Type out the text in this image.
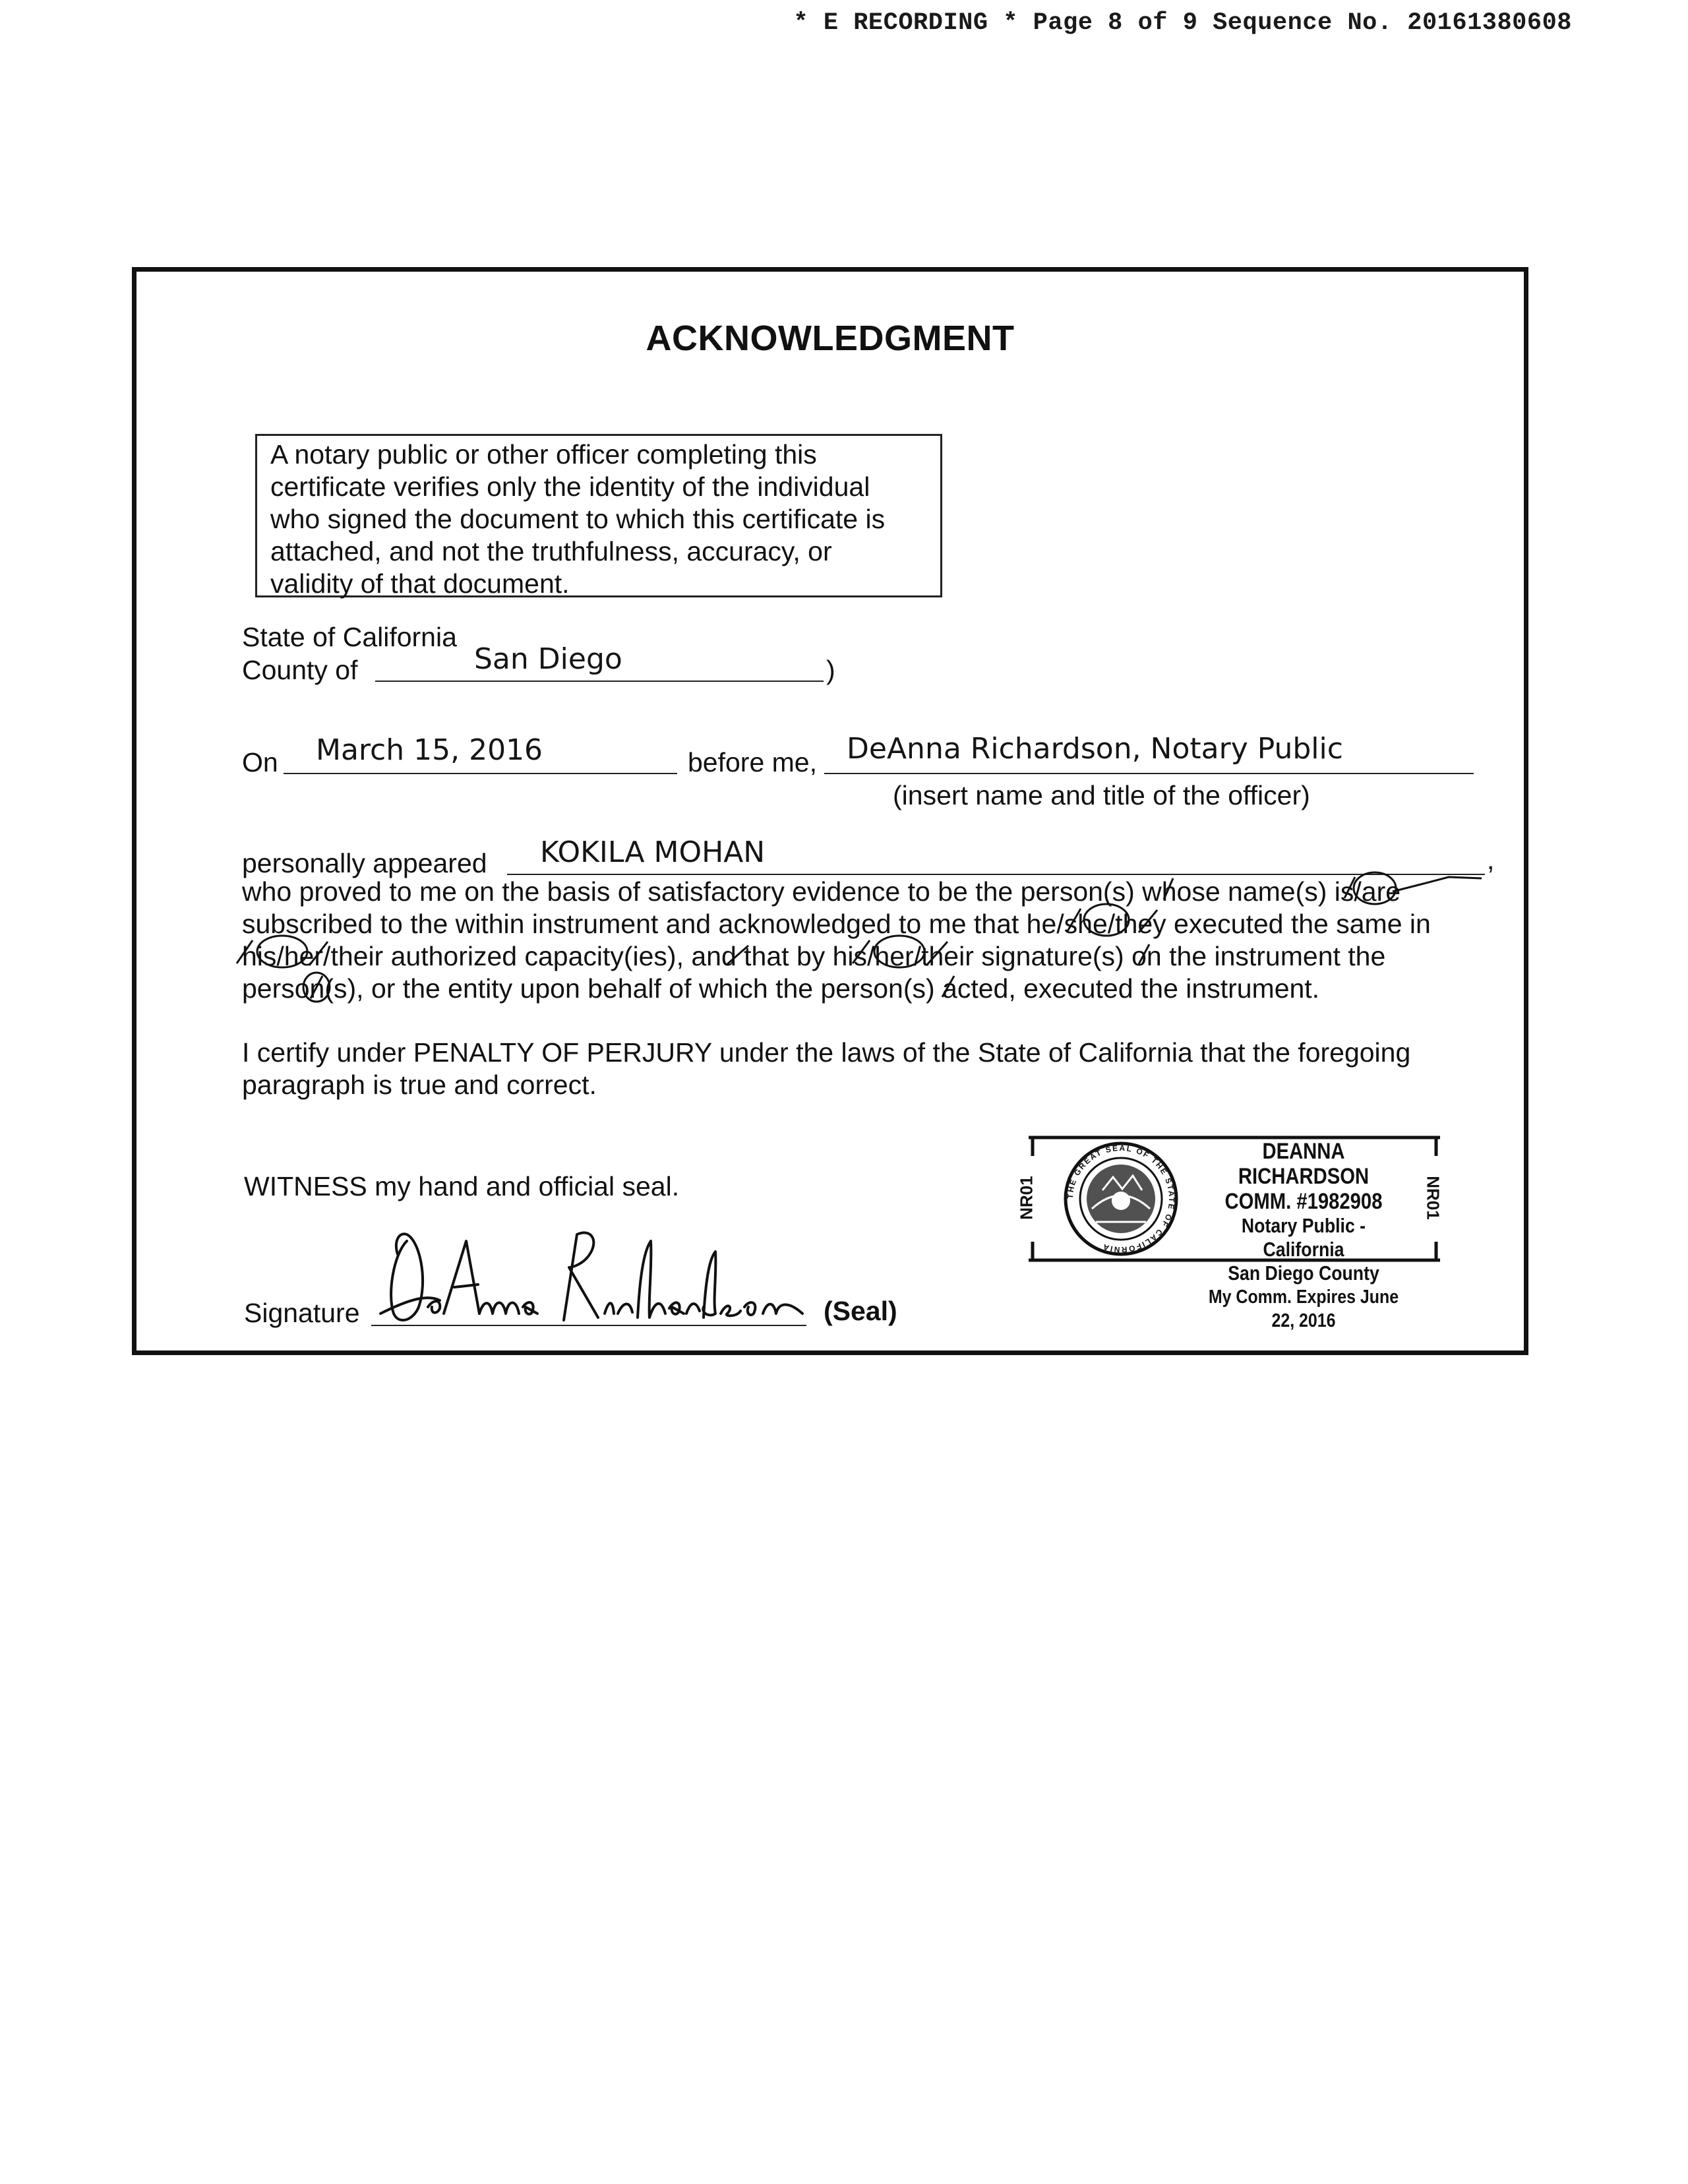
* E RECORDING * Page 8 of 9 Sequence No. 20161380608
ACKNOWLEDGMENT
A notary public or other officer completing this
certificate verifies only the identity of the individual
who signed the document to which this certificate is
attached, and not the truthfulness, accuracy, or
validity of that document.
State of California
County of	San Diego	)
On March 15, 2016	before me, DeAnna Richardson, Notary Public
(insert name and title of the officer)
personally appeared KOKILA MOHAN	,
who proved to me on the basis of satisfactory evidence to be the person(s) whose name(s) is/are
subscribed to the within instrument and acknowledged to me that he/she/they executed the same in
his/her/their authorized capacity(ies), and that by his/her/their signature(s) on the instrument the
person(s), or the entity upon behalf of which the person(s) acted, executed the instrument.
I certify under PENALTY OF PERJURY under the laws of the State of California that the foregoing
paragraph is true and correct.
WITNESS my hand and official seal.	THE GREAT SEAL OF THE STATE OF CALIFORNIA
NR01	NR01
DEANNA RICHARDSON
COMM. #1982908
Notary Public - California
San Diego County
My Comm. Expires June 22, 2016
Signature	(Seal)
